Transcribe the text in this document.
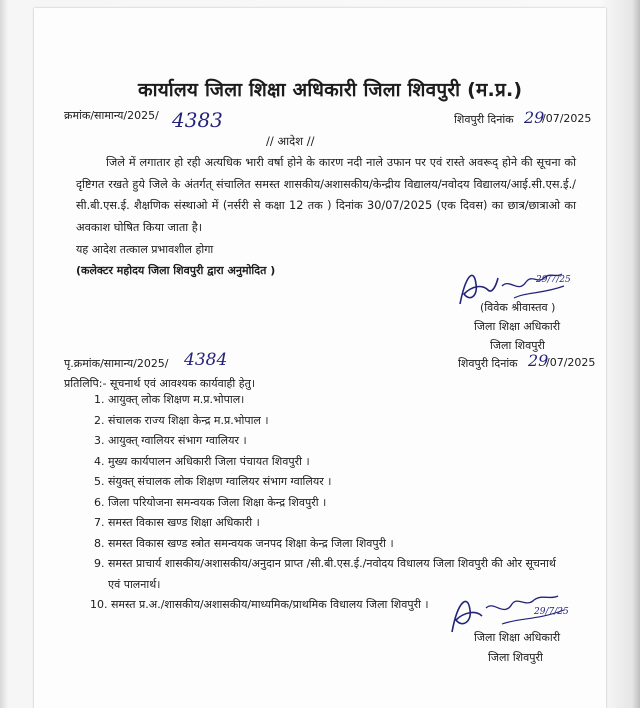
कार्यालय जिला शिक्षा अधिकारी जिला शिवपुरी (म.प्र.)
क्रमांक/सामान्य/2025/ 4383	शिवपुरी दिनांक 29
/07/2025
// आदेश //
जिले में लगातार हो रही अत्यधिक भारी वर्षा होने के कारण नदी नाले उफान पर एवं रास्ते अवरूद् होने की सूचना को दृष्टिगत रखते हुये जिले के अंतर्गत् संचालित समस्त शासकीय/अशासकीय/केन्द्रीय विद्यालय/नवोदय विद्यालय/आई.सी.एस.ई./सी.बी.एस.ई. शैक्षणिक संस्थाओ में (नर्सरी से कक्षा 12 तक ) दिनांक 30/07/2025 (एक दिवस) का छात्र/छात्राओ का अवकाश घोषित किया जाता है।
यह आदेश तत्काल प्रभावशील होगा
(कलेक्टर महोदय जिला शिवपुरी द्वारा अनुमोदित )
29/7/25
(विवेक श्रीवास्तव )
जिला शिक्षा अधिकारी
जिला शिवपुरी
शिवपुरी दिनांक 29
/07/2025
पृ.क्रमांक/सामान्य/2025/ 4384
प्रतिलिपि:- सूचनार्थ एवं आवश्यक कार्यवाही हेतु।
1. आयुक्त् लोक शिक्षण म.प्र.भोपाल।
2. संचालक राज्य शिक्षा केन्द्र म.प्र.भोपाल ।
3. आयुक्त् ग्वालियर संभाग ग्वालियर ।
4. मुख्य कार्यपालन अधिकारी जिला पंचायत शिवपुरी ।
5. संयुक्त् संचालक लोक शिक्षण ग्वालियर संभाग ग्वालियर ।
6. जिला परियोजना समन्वयक जिला शिक्षा केन्द्र शिवपुरी ।
7. समस्त विकास खण्ड शिक्षा अधिकारी ।
8. समस्त विकास खण्ड स्त्रोत समन्वयक जनपद शिक्षा केन्द्र जिला शिवपुरी ।
9. समस्त प्राचार्य शासकीय/अशासकीय/अनुदान प्राप्त /सी.बी.एस.ई./नवोदय विधालय जिला शिवपुरी की ओर सूचनार्थ
एवं पालनार्थ।
10. समस्त प्र.अ./शासकीय/अशासकीय/माध्यमिक/प्राथमिक विधालय जिला शिवपुरी ।
29/7/25
जिला शिक्षा अधिकारी
जिला शिवपुरी
